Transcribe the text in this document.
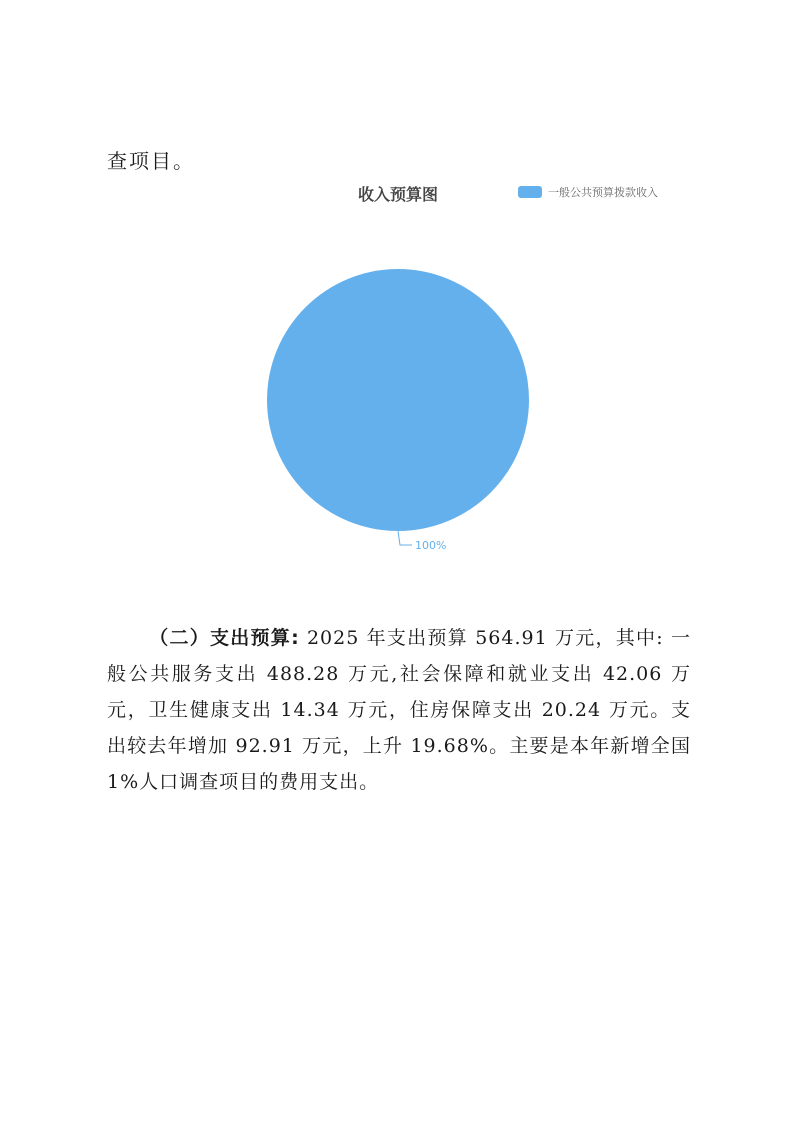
查项目。
收入预算图	一般公共预算拨款收入
100%
（二）支出预算: 2025 年支出预算 564.91 万元，其中: 一般公共服务支出 488.28 万元,社会保障和就业支出 42.06 万元，卫生健康支出 14.34 万元，住房保障支出 20.24 万元。支出较去年增加 92.91 万元，上升 19.68%。主要是本年新增全国 1%人口调查项目的费用支出。
